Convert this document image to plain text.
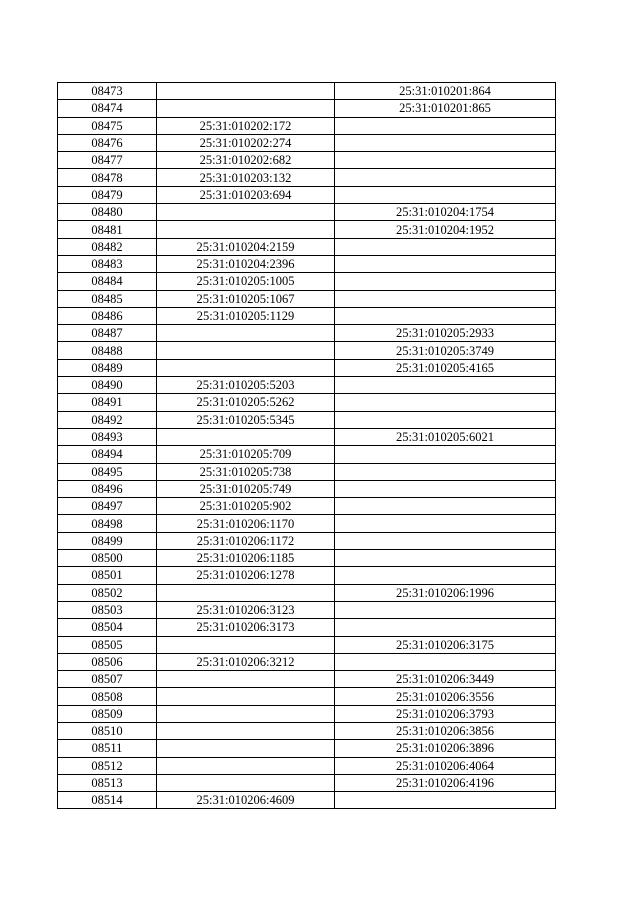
08473		25:31:010201:864
08474		25:31:010201:865
08475	25:31:010202:172	
08476	25:31:010202:274	
08477	25:31:010202:682	
08478	25:31:010203:132	
08479	25:31:010203:694	
08480		25:31:010204:1754
08481		25:31:010204:1952
08482	25:31:010204:2159	
08483	25:31:010204:2396	
08484	25:31:010205:1005	
08485	25:31:010205:1067	
08486	25:31:010205:1129	
08487		25:31:010205:2933
08488		25:31:010205:3749
08489		25:31:010205:4165
08490	25:31:010205:5203	
08491	25:31:010205:5262	
08492	25:31:010205:5345	
08493		25:31:010205:6021
08494	25:31:010205:709	
08495	25:31:010205:738	
08496	25:31:010205:749	
08497	25:31:010205:902	
08498	25:31:010206:1170	
08499	25:31:010206:1172	
08500	25:31:010206:1185	
08501	25:31:010206:1278	
08502		25:31:010206:1996
08503	25:31:010206:3123	
08504	25:31:010206:3173	
08505		25:31:010206:3175
08506	25:31:010206:3212	
08507		25:31:010206:3449
08508		25:31:010206:3556
08509		25:31:010206:3793
08510		25:31:010206:3856
08511		25:31:010206:3896
08512		25:31:010206:4064
08513		25:31:010206:4196
08514	25:31:010206:4609	
